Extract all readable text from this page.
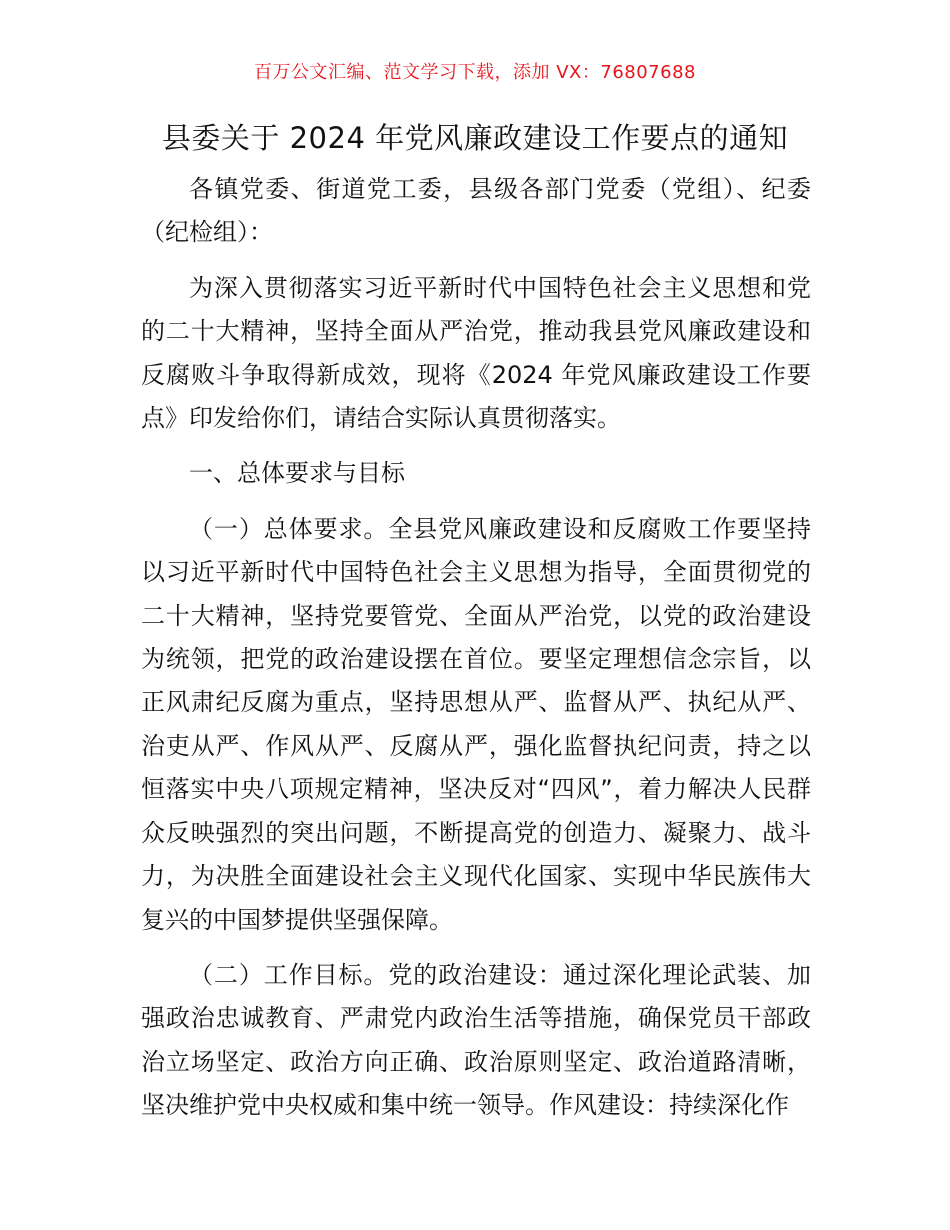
百万公文汇编、范文学习下载，添加 VX：76807688
县委关于 2024 年党风廉政建设工作要点的通知

各镇党委、街道党工委，县级各部门党委（党组）、纪委（纪检组）：

为深入贯彻落实习近平新时代中国特色社会主义思想和党的二十大精神，坚持全面从严治党，推动我县党风廉政建设和反腐败斗争取得新成效，现将《2024 年党风廉政建设工作要点》印发给你们，请结合实际认真贯彻落实。

一、总体要求与目标

（一）总体要求。全县党风廉政建设和反腐败工作要坚持以习近平新时代中国特色社会主义思想为指导，全面贯彻党的二十大精神，坚持党要管党、全面从严治党，以党的政治建设为统领，把党的政治建设摆在首位。要坚定理想信念宗旨，以正风肃纪反腐为重点，坚持思想从严、监督从严、执纪从严、治吏从严、作风从严、反腐从严，强化监督执纪问责，持之以恒落实中央八项规定精神，坚决反对“四风”，着力解决人民群众反映强烈的突出问题，不断提高党的创造力、凝聚力、战斗力，为决胜全面建设社会主义现代化国家、实现中华民族伟大复兴的中国梦提供坚强保障。

（二）工作目标。党的政治建设：通过深化理论武装、加强政治忠诚教育、严肃党内政治生活等措施，确保党员干部政治立场坚定、政治方向正确、政治原则坚定、政治道路清晰，坚决维护党中央权威和集中统一领导。作风建设：持续深化作
